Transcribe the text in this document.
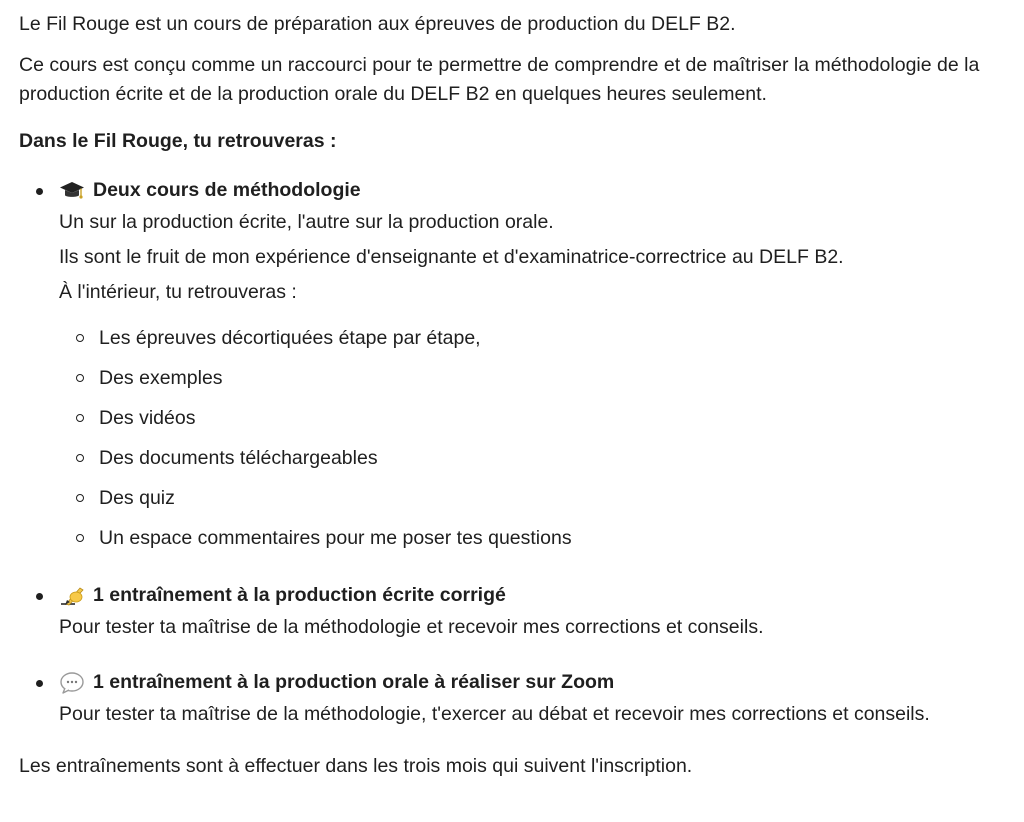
Le Fil Rouge est un cours de préparation aux épreuves de production du DELF B2.

Ce cours est conçu comme un raccourci pour te permettre de comprendre et de maîtriser la méthodologie de la production écrite et de la production orale du DELF B2 en quelques heures seulement.

Dans le Fil Rouge, tu retrouveras :

Deux cours de méthodologie
Un sur la production écrite, l'autre sur la production orale.
Ils sont le fruit de mon expérience d'enseignante et d'examinatrice-correctrice au DELF B2.
À l'intérieur, tu retrouveras :
Les épreuves décortiquées étape par étape,
Des exemples
Des vidéos
Des documents téléchargeables
Des quiz
Un espace commentaires pour me poser tes questions
1 entraînement à la production écrite corrigé
Pour tester ta maîtrise de la méthodologie et recevoir mes corrections et conseils.
1 entraînement à la production orale à réaliser sur Zoom
Pour tester ta maîtrise de la méthodologie, t'exercer au débat et recevoir mes corrections et conseils.

Les entraînements sont à effectuer dans les trois mois qui suivent l'inscription.
